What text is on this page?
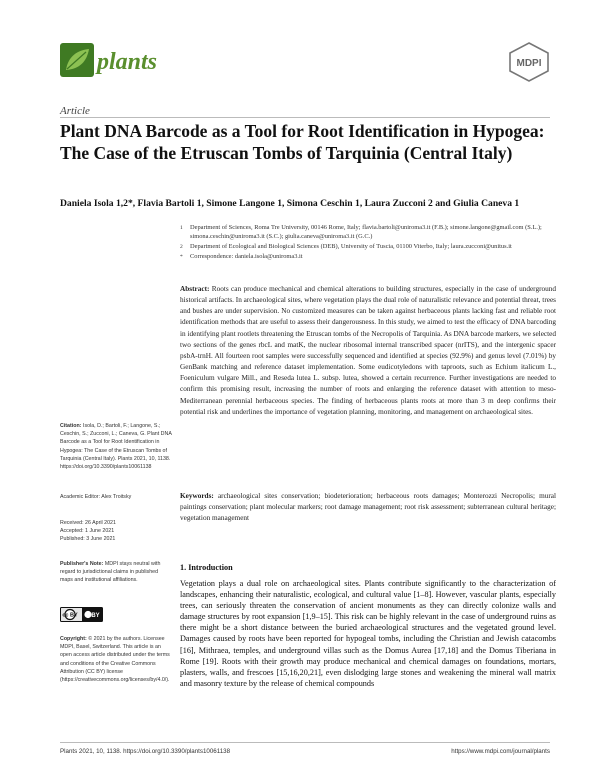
plants	MDPI
Article
Plant DNA Barcode as a Tool for Root Identification in Hypogea: The Case of the Etruscan Tombs of Tarquinia (Central Italy)
Daniela Isola 1,2*, Flavia Bartoli 1, Simone Langone 1, Simona Ceschin 1, Laura Zucconi 2 and Giulia Caneva 1
1	Department of Sciences, Roma Tre University, 00146 Rome, Italy; flavia.bartoli@uniroma3.it (F.B.); simone.langone@gmail.com (S.L.); simona.ceschin@uniroma3.it (S.C.); giulia.caneva@uniroma3.it (G.C.)
2	Department of Ecological and Biological Sciences (DEB), University of Tuscia, 01100 Viterbo, Italy; laura.zucconi@unitus.it
*	Correspondence: daniela.isola@uniroma3.it

Abstract: Roots can produce mechanical and chemical alterations to building structures, especially in the case of underground historical artifacts. In archaeological sites, where vegetation plays the dual role of naturalistic relevance and potential threat, trees and bushes are under supervision. No customized measures can be taken against herbaceous plants lacking fast and reliable root identification methods that are useful to assess their dangerousness. In this study, we aimed to test the efficacy of DNA barcoding in identifying plant rootlets threatening the Etruscan tombs of the Necropolis of Tarquinia. As DNA barcode markers, we selected two sections of the genes rbcL and matK, the nuclear ribosomal internal transcribed spacer (nrITS), and the intergenic spacer psbA-trnH. All fourteen root samples were successfully sequenced and identified at species (92.9%) and genus level (7.01%) by GenBank matching and reference dataset implementation. Some eudicotyledons with taproots, such as Echium italicum L., Foeniculum vulgare Mill., and Reseda lutea L. subsp. lutea, showed a certain recurrence. Further investigations are needed to confirm this promising result, increasing the number of roots and enlarging the reference dataset with attention to meso-Mediterranean perennial herbaceous species. The finding of herbaceous plants roots at more than 3 m deep confirms their potential risk and underlines the importance of vegetation planning, monitoring, and management on archaeological sites.

Keywords: archaeological sites conservation; biodeterioration; herbaceous roots damages; Monterozzi Necropolis; mural paintings conservation; plant molecular markers; root damage management; root risk assessment; subterranean cultural heritage; vegetation management

Citation: Isola, D.; Bartoli, F.; Langone, S.; Ceschin, S.; Zucconi, L.; Caneva, G. Plant DNA Barcode as a Tool for Root Identification in Hypogea: The Case of the Etruscan Tombs of Tarquinia (Central Italy). Plants 2021, 10, 1138. https://doi.org/10.3390/plants10061138
Academic Editor: Alex Troitsky
Received: 26 April 2021
Accepted: 1 June 2021
Published: 3 June 2021
Publisher's Note: MDPI stays neutral with regard to jurisdictional claims in published maps and institutional affiliations.
cc BY BY
Copyright: © 2021 by the authors. Licensee MDPI, Basel, Switzerland. This article is an open access article distributed under the terms and conditions of the Creative Commons Attribution (CC BY) license (https://creativecommons.org/licenses/by/4.0/).
1. Introduction

Vegetation plays a dual role on archaeological sites. Plants contribute significantly to the characterization of landscapes, enhancing their naturalistic, ecological, and cultural value [1–8]. However, vascular plants, especially trees, can seriously threaten the conservation of ancient monuments as they can directly colonize walls and damage structures by root expansion [1,9–15]. This risk can be highly relevant in the case of underground ruins as there might be a short distance between the buried archaeological structures and the vegetated ground level. Damages caused by roots have been reported for hypogeal tombs, including the Christian and Jewish catacombs [16], Mithraea, temples, and underground villas such as the Domus Aurea [17,18] and the Domus Tiberiana in Rome [19]. Roots with their growth may produce mechanical and chemical damages on foundations, mortars, plasters, walls, and frescoes [15,16,20,21], even dislodging large stones and weakening the mineral wall matrix and masonry texture by the release of chemical compounds

Plants 2021, 10, 1138. https://doi.org/10.3390/plants10061138	https://www.mdpi.com/journal/plants
